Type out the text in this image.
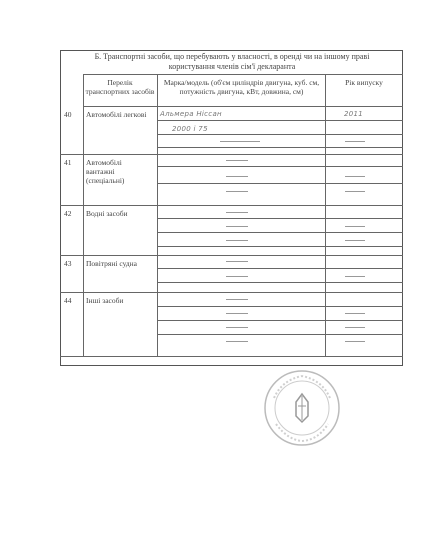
Б. Транспортні засоби, що перебувають у власності, в оренді чи на іншому праві
користування членів сім'ї декларанта
Перелік транспортних засобів
Марка/модель (об'єм циліндрів двигуна, куб. см, потужність двигуна, кВт, довжина, см)
Рік випуску
40 Автомобілі легкові	Альмера Ніссан
2000 і 75
2011
41 Автомобілі вантажні (спеціальні)
42 Водні засоби
43 Повітряні судна
44 Інші засоби
